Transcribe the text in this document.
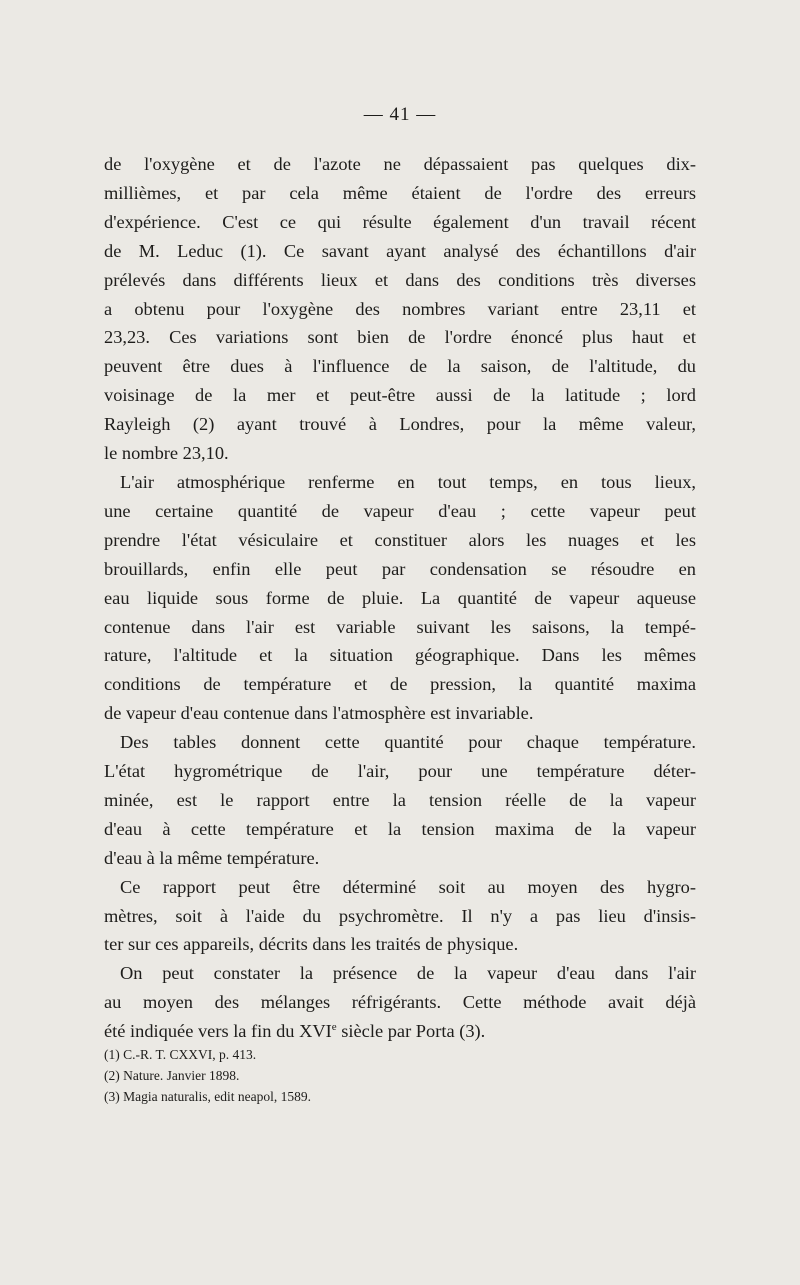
— 41 —
de l'oxygène et de l'azote ne dépassaient pas quelques dix-
millièmes, et par cela même étaient de l'ordre des erreurs
d'expérience. C'est ce qui résulte également d'un travail récent
de M. Leduc (1). Ce savant ayant analysé des échantillons d'air
prélevés dans différents lieux et dans des conditions très diverses
a obtenu pour l'oxygène des nombres variant entre 23,11 et
23,23. Ces variations sont bien de l'ordre énoncé plus haut et
peuvent être dues à l'influence de la saison, de l'altitude, du
voisinage de la mer et peut-être aussi de la latitude ; lord
Rayleigh (2) ayant trouvé à Londres, pour la même valeur,
le nombre 23,10.
L'air atmosphérique renferme en tout temps, en tous lieux,
une certaine quantité de vapeur d'eau ; cette vapeur peut
prendre l'état vésiculaire et constituer alors les nuages et les
brouillards, enfin elle peut par condensation se résoudre en
eau liquide sous forme de pluie. La quantité de vapeur aqueuse
contenue dans l'air est variable suivant les saisons, la tempé-
rature, l'altitude et la situation géographique. Dans les mêmes
conditions de température et de pression, la quantité maxima
de vapeur d'eau contenue dans l'atmosphère est invariable.
Des tables donnent cette quantité pour chaque température.
L'état hygrométrique de l'air, pour une température déter-
minée, est le rapport entre la tension réelle de la vapeur
d'eau à cette température et la tension maxima de la vapeur
d'eau à la même température.
Ce rapport peut être déterminé soit au moyen des hygro-
mètres, soit à l'aide du psychromètre. Il n'y a pas lieu d'insis-
ter sur ces appareils, décrits dans les traités de physique.
On peut constater la présence de la vapeur d'eau dans l'air
au moyen des mélanges réfrigérants. Cette méthode avait déjà
été indiquée vers la fin du XVIe siècle par Porta (3).
(1) C.-R. T. CXXVI, p. 413.
(2) Nature. Janvier 1898.
(3) Magia naturalis, edit neapol, 1589.
